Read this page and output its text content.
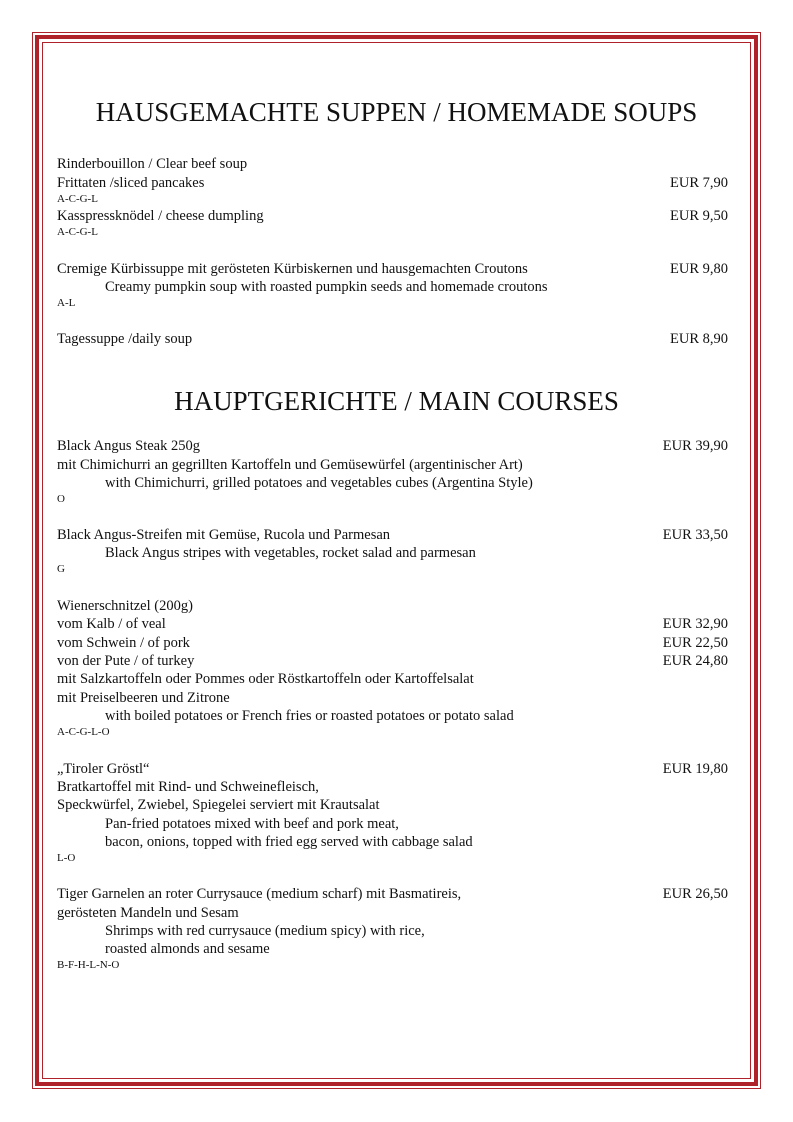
HAUSGEMACHTE SUPPEN / HOMEMADE SOUPS
Rinderbouillon / Clear beef soup
Frittaten /sliced pancakes	EUR 7,90
A-C-G-L
Kasspressknödel / cheese dumpling	EUR 9,50
A-C-G-L
Cremige Kürbissuppe mit gerösteten Kürbiskernen und hausgemachten Croutons	EUR 9,80
Creamy pumpkin soup with roasted pumpkin seeds and homemade croutons
A-L
Tagessuppe /daily soup	EUR 8,90
HAUPTGERICHTE / MAIN COURSES
Black Angus Steak 250g	EUR 39,90
mit Chimichurri an gegrillten Kartoffeln und Gemüsewürfel (argentinischer Art)
with Chimichurri, grilled potatoes and vegetables cubes (Argentina Style)
O
Black Angus-Streifen mit Gemüse, Rucola und Parmesan	EUR 33,50
Black Angus stripes with vegetables, rocket salad and parmesan
G
Wienerschnitzel (200g)
vom Kalb / of veal	EUR 32,90
vom Schwein / of pork	EUR 22,50
von der Pute / of turkey	EUR 24,80
mit Salzkartoffeln oder Pommes oder Röstkartoffeln oder Kartoffelsalat
mit Preiselbeeren und Zitrone
with boiled potatoes or French fries or roasted potatoes or potato salad
A-C-G-L-O
„Tiroler Gröstl“	EUR 19,80
Bratkartoffel mit Rind- und Schweinefleisch,
Speckwürfel, Zwiebel, Spiegelei serviert mit Krautsalat
Pan-fried potatoes mixed with beef and pork meat,
bacon, onions, topped with fried egg served with cabbage salad
L-O
Tiger Garnelen an roter Currysauce (medium scharf) mit Basmatireis,	EUR 26,50
gerösteten Mandeln und Sesam
Shrimps with red currysauce (medium spicy) with rice,
roasted almonds and sesame
B-F-H-L-N-O
